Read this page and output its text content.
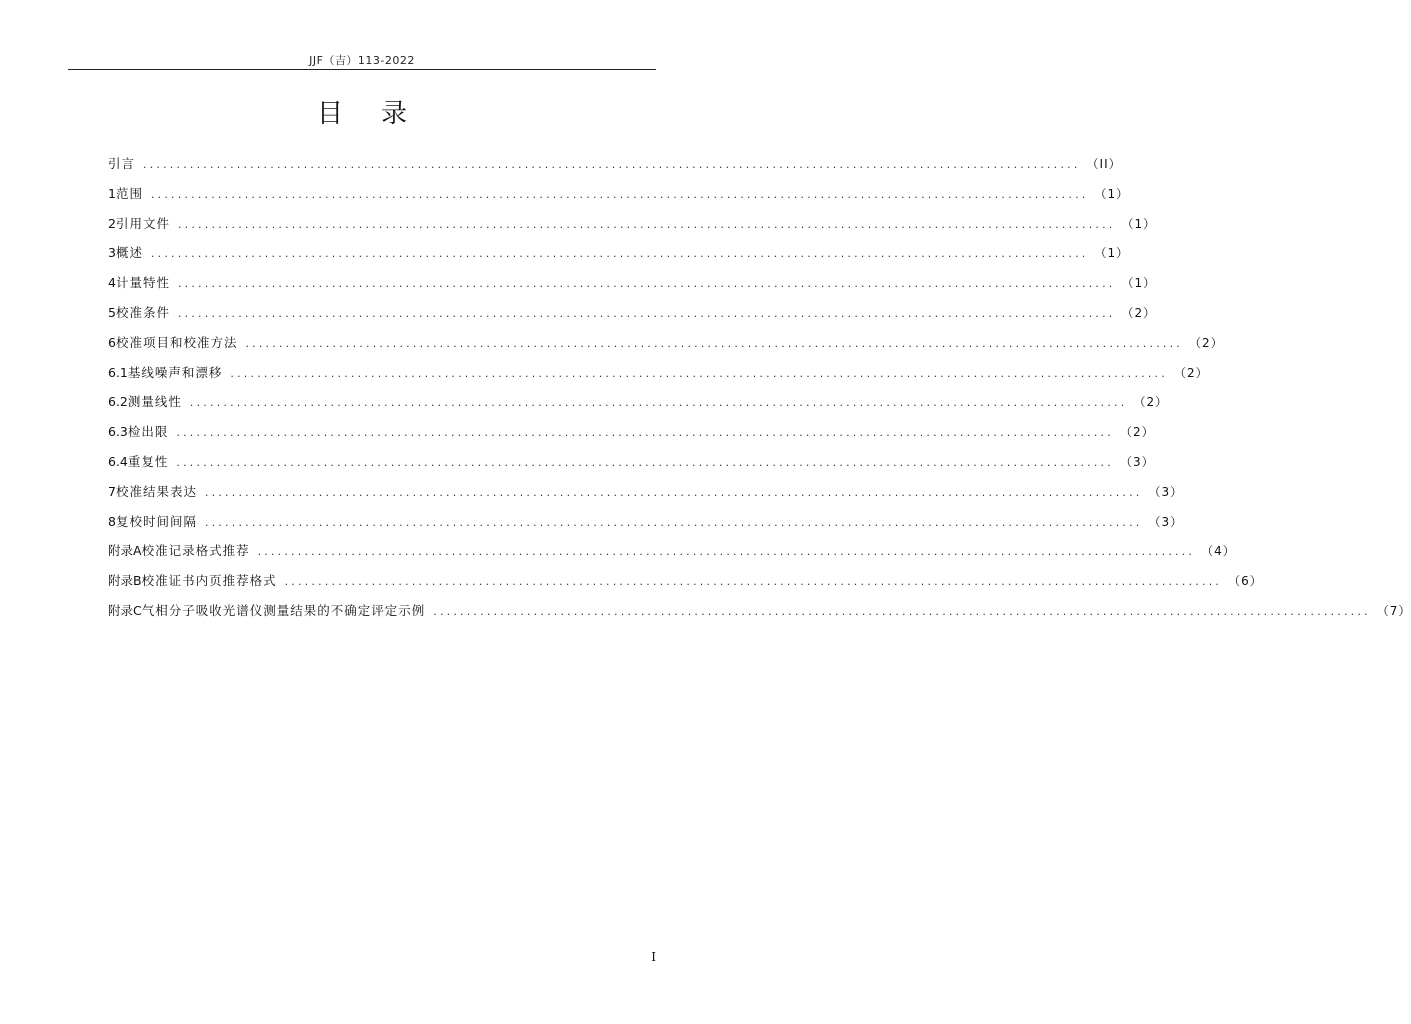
JJF（吉）113-2022
目录
引言 ............................................................................................................................................ （II）
1 范围 ............................................................................................................................................ （1）
2 引用文件 ............................................................................................................................................ （1）
3 概述 ............................................................................................................................................ （1）
4 计量特性 ............................................................................................................................................ （1）
5 校准条件 ............................................................................................................................................ （2）
6 校准项目和校准方法 ............................................................................................................................................ （2）
6.1 基线噪声和漂移 ............................................................................................................................................ （2）
6.2 测量线性 ............................................................................................................................................ （2）
6.3 检出限 ............................................................................................................................................ （2）
6.4 重复性 ............................................................................................................................................ （3）
7 校准结果表达 ............................................................................................................................................ （3）
8 复校时间间隔 ............................................................................................................................................ （3）
附录A 校准记录格式推荐 ............................................................................................................................................ （4）
附录B 校准证书内页推荐格式 ............................................................................................................................................ （6）
附录C 气相分子吸收光谱仪测量结果的不确定评定示例 ............................................................................................................................................ （7）
I
